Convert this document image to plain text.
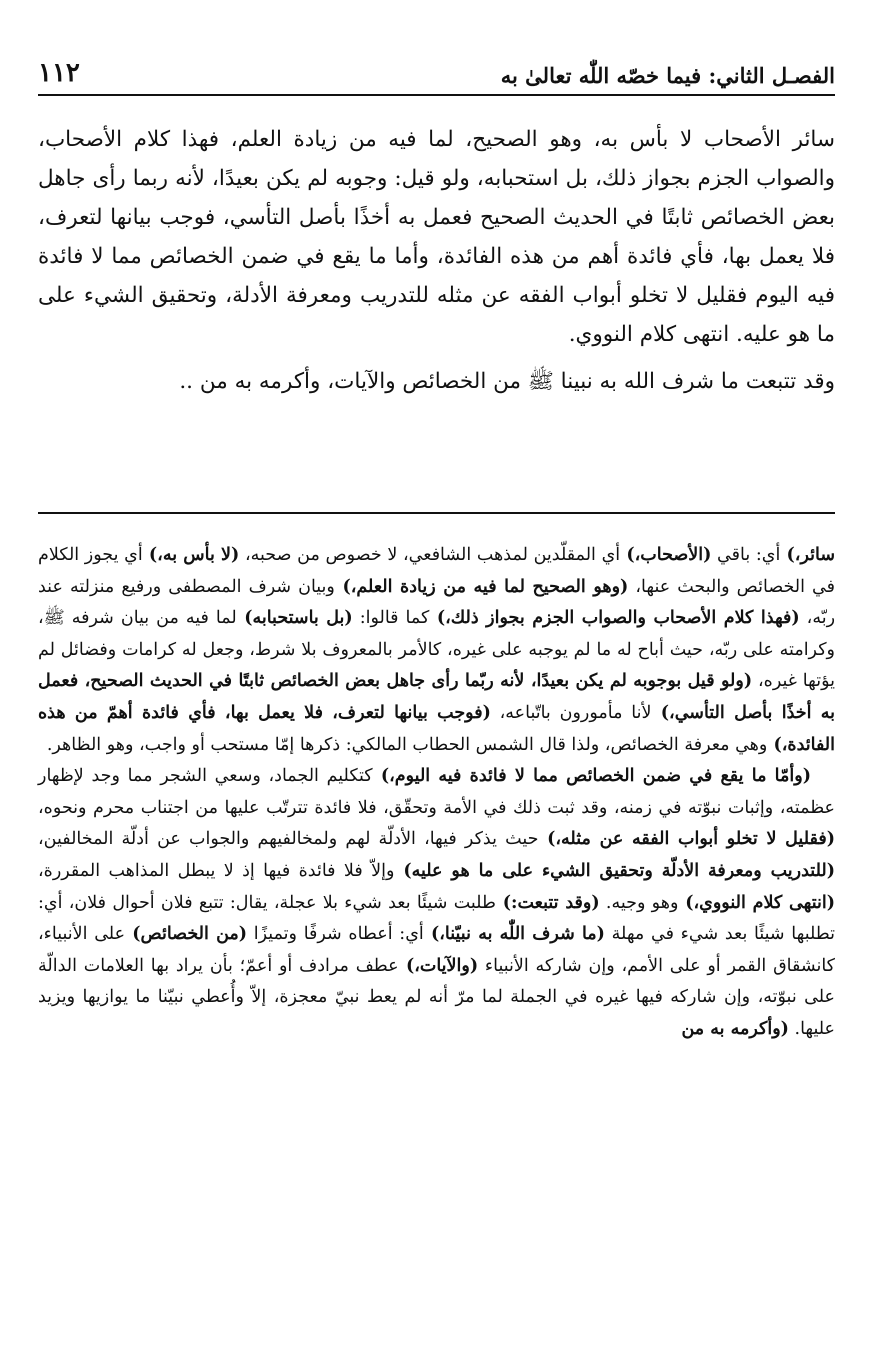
الفصـل الثاني: فيما خصّه اللّٰه تعالىٰ به
١١٢

سائر الأصحاب لا بأس به، وهو الصحيح، لما فيه من زيادة العلم، فهذا كلام الأصحاب، والصواب الجزم بجواز ذلك، بل استحبابه، ولو قيل: وجوبه لم يكن بعيدًا، لأنه ربما رأى جاهل بعض الخصائص ثابتًا في الحديث الصحيح فعمل به أخذًا بأصل التأسي، فوجب بيانها لتعرف، فلا يعمل بها، فأي فائدة أهم من هذه الفائدة، وأما ما يقع في ضمن الخصائص مما لا فائدة فيه اليوم فقليل لا تخلو أبواب الفقه عن مثله للتدريب ومعرفة الأدلة، وتحقيق الشيء على ما هو عليه. انتهى كلام النووي.

وقد تتبعت ما شرف الله به نبينا ﷺ من الخصائص والآيات، وأكرمه به من ..

سائر،) أي: باقي (الأصحاب،) أي المقلّدين لمذهب الشافعي، لا خصوص من صحبه، (لا بأس به،) أي يجوز الكلام في الخصائص والبحث عنها، (وهو الصحيح لما فيه من زيادة العلم،) وبيان شرف المصطفى ورفيع منزلته عند ربّه، (فهذا كلام الأصحاب والصواب الجزم بجواز ذلك،) كما قالوا: (بل باستحبابه) لما فيه من بيان شرفه ﷺ، وكرامته على ربّه، حيث أباح له ما لم يوجبه على غيره، كالأمر بالمعروف بلا شرط، وجعل له كرامات وفضائل لم يؤتها غيره، (ولو قيل بوجوبه لم يكن بعيدًا، لأنه ربّما رأى جاهل بعض الخصائص ثابتًا في الحديث الصحيح، فعمل به أخذًا بأصل التأسي،) لأنا مأمورون باتّباعه، (فوجب بيانها لتعرف، فلا يعمل بها، فأي فائدة أهمّ من هذه الفائدة،) وهي معرفة الخصائص، ولذا قال الشمس الحطاب المالكي: ذكرها إمّا مستحب أو واجب، وهو الظاهر.

(وأمّا ما يقع في ضمن الخصائص مما لا فائدة فيه اليوم،) كتكليم الجماد، وسعي الشجر مما وجد لإظهار عظمته، وإثبات نبوّته في زمنه، وقد ثبت ذلك في الأمة وتحقّق، فلا فائدة تترتّب عليها من اجتناب محرم ونحوه، (فقليل لا تخلو أبواب الفقه عن مثله،) حيث يذكر فيها، الأدلّة لهم ولمخالفيهم والجواب عن أدلّة المخالفين، (للتدريب ومعرفة الأدلّة وتحقيق الشيء على ما هو عليه) وإلاّ فلا فائدة فيها إذ لا يبطل المذاهب المقررة، (انتهى كلام النووي،) وهو وجيه. (وقد تتبعت:) طلبت شيئًا بعد شيء بلا عجلة، يقال: تتبع فلان أحوال فلان، أي: تطلبها شيئًا بعد شيء في مهلة (ما شرف اللّٰه به نبيّنا،) أي: أعطاه شرفًا وتميزًا (من الخصائص) على الأنبياء، كانشقاق القمر أو على الأمم، وإن شاركه الأنبياء (والآيات،) عطف مرادف أو أعمّ؛ بأن يراد بها العلامات الدالّة على نبوّته، وإن شاركه فيها غيره في الجملة لما مرّ أنه لم يعط نبيّ معجزة، إلاّ وأُعطي نبيّنا ما يوازيها ويزيد عليها. (وأكرمه به من
